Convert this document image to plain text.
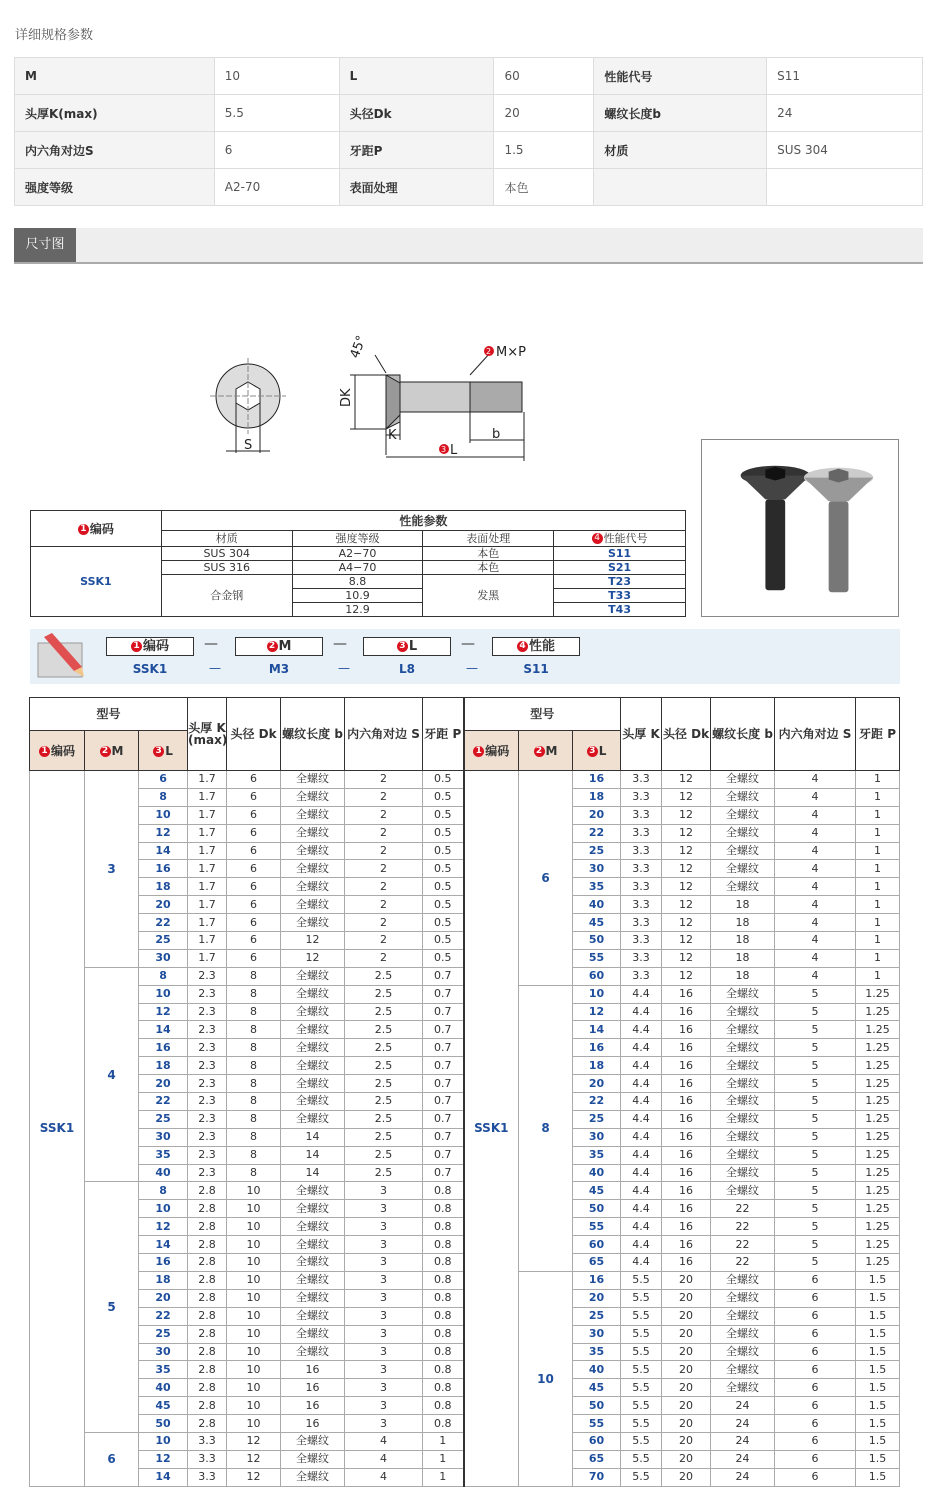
详细规格参数
M	10	L	60	性能代号	S11
头厚K(max)	5.5	头径Dk	20	螺纹长度b	24
内六角对边S	6	牙距P	1.5	材质	SUS 304
强度等级	A2-70	表面处理	本色		
尺寸图
S
45°
DK
K	b
2 M×P
3 L
1 编码	性能参数			
	材质	强度等级	表面处理	4 性能代号
SSK1	SUS 304	A2−70	本色	S11
	SUS 316	A4−70	本色	S21
	合金钢	8.8	发黑	T23
		10.9		T33
		12.9		T43
1 编码	—	2 M	—	3 L	—	4 性能
SSK1	—	M3	—	L8	—	S11
型号			头厚 K (max)	头径 Dk	螺纹长度 b	内六角对边 S	牙距 P	型号			头厚 K	头径 Dk	螺纹长度 b	内六角对边 S	牙距 P
1 编码	2 M	3 L						1 编码	2 M	3 L					
SSK1	3	6	1.7	6	全螺纹	2	0.5	SSK1	6	16	3.3	12	全螺纹	4	1
		8	1.7	6	全螺纹	2	0.5			18	3.3	12	全螺纹	4	1
		10	1.7	6	全螺纹	2	0.5			20	3.3	12	全螺纹	4	1
		12	1.7	6	全螺纹	2	0.5			22	3.3	12	全螺纹	4	1
		14	1.7	6	全螺纹	2	0.5			25	3.3	12	全螺纹	4	1
		16	1.7	6	全螺纹	2	0.5			30	3.3	12	全螺纹	4	1
		18	1.7	6	全螺纹	2	0.5			35	3.3	12	全螺纹	4	1
		20	1.7	6	全螺纹	2	0.5			40	3.3	12	18	4	1
		22	1.7	6	全螺纹	2	0.5			45	3.3	12	18	4	1
		25	1.7	6	12	2	0.5			50	3.3	12	18	4	1
		30	1.7	6	12	2	0.5			55	3.3	12	18	4	1
	4	8	2.3	8	全螺纹	2.5	0.7			60	3.3	12	18	4	1
		10	2.3	8	全螺纹	2.5	0.7		8	10	4.4	16	全螺纹	5	1.25
		12	2.3	8	全螺纹	2.5	0.7			12	4.4	16	全螺纹	5	1.25
		14	2.3	8	全螺纹	2.5	0.7			14	4.4	16	全螺纹	5	1.25
		16	2.3	8	全螺纹	2.5	0.7			16	4.4	16	全螺纹	5	1.25
		18	2.3	8	全螺纹	2.5	0.7			18	4.4	16	全螺纹	5	1.25
		20	2.3	8	全螺纹	2.5	0.7			20	4.4	16	全螺纹	5	1.25
		22	2.3	8	全螺纹	2.5	0.7			22	4.4	16	全螺纹	5	1.25
		25	2.3	8	全螺纹	2.5	0.7			25	4.4	16	全螺纹	5	1.25
		30	2.3	8	14	2.5	0.7			30	4.4	16	全螺纹	5	1.25
		35	2.3	8	14	2.5	0.7			35	4.4	16	全螺纹	5	1.25
		40	2.3	8	14	2.5	0.7			40	4.4	16	全螺纹	5	1.25
	5	8	2.8	10	全螺纹	3	0.8			45	4.4	16	全螺纹	5	1.25
		10	2.8	10	全螺纹	3	0.8			50	4.4	16	22	5	1.25
		12	2.8	10	全螺纹	3	0.8			55	4.4	16	22	5	1.25
		14	2.8	10	全螺纹	3	0.8			60	4.4	16	22	5	1.25
		16	2.8	10	全螺纹	3	0.8			65	4.4	16	22	5	1.25
		18	2.8	10	全螺纹	3	0.8		10	16	5.5	20	全螺纹	6	1.5
		20	2.8	10	全螺纹	3	0.8			20	5.5	20	全螺纹	6	1.5
		22	2.8	10	全螺纹	3	0.8			25	5.5	20	全螺纹	6	1.5
		25	2.8	10	全螺纹	3	0.8			30	5.5	20	全螺纹	6	1.5
		30	2.8	10	全螺纹	3	0.8			35	5.5	20	全螺纹	6	1.5
		35	2.8	10	16	3	0.8			40	5.5	20	全螺纹	6	1.5
		40	2.8	10	16	3	0.8			45	5.5	20	全螺纹	6	1.5
		45	2.8	10	16	3	0.8			50	5.5	20	24	6	1.5
		50	2.8	10	16	3	0.8			55	5.5	20	24	6	1.5
	6	10	3.3	12	全螺纹	4	1			60	5.5	20	24	6	1.5
		12	3.3	12	全螺纹	4	1			65	5.5	20	24	6	1.5
		14	3.3	12	全螺纹	4	1			70	5.5	20	24	6	1.5
